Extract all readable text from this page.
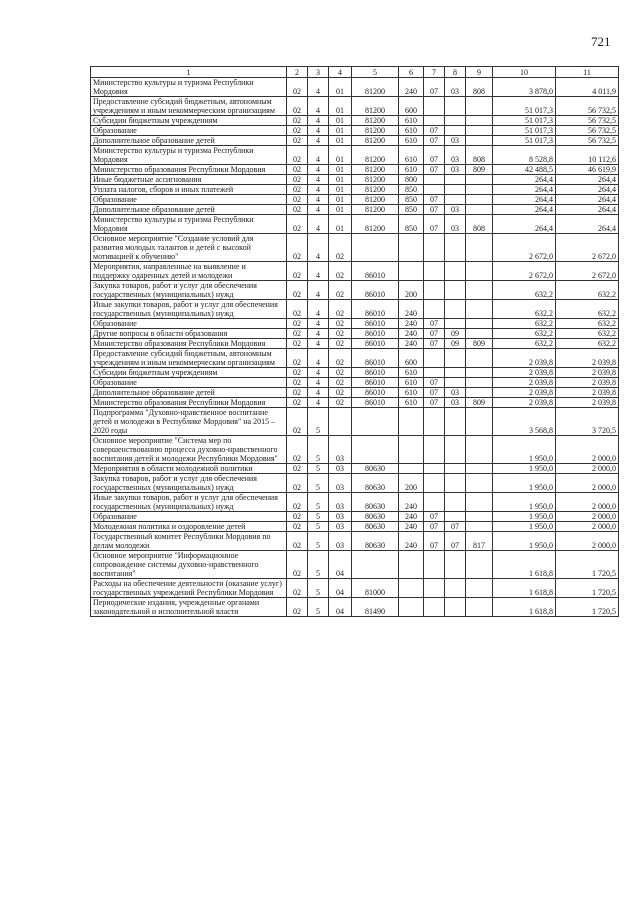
721
1	2	3	4	5	6	7	8	9	10	11
Министерство культуры и туризма Республики Мордовия	02	4	01	81200	240	07	03	808	3 878,0	4 011,9
Предоставление субсидий бюджетным, автономным учреждениям и иным некоммерческим организациям	02	4	01	81200	600				51 017,3	56 732,5
Субсидии бюджетным учреждениям	02	4	01	81200	610				51 017,3	56 732,5
Образование	02	4	01	81200	610	07			51 017,3	56 732,5
Дополнительное образование детей	02	4	01	81200	610	07	03		51 017,3	56 732,5
Министерство культуры и туризма Республики Мордовия	02	4	01	81200	610	07	03	808	8 528,8	10 112,6
Министерство образования Республики Мордовия	02	4	01	81200	610	07	03	809	42 488,5	46 619,9
Иные бюджетные ассигнования	02	4	01	81200	800				264,4	264,4
Уплата налогов, сборов и иных платежей	02	4	01	81200	850				264,4	264,4
Образование	02	4	01	81200	850	07			264,4	264,4
Дополнительное образование детей	02	4	01	81200	850	07	03		264,4	264,4
Министерство культуры и туризма Республики Мордовия	02	4	01	81200	850	07	03	808	264,4	264,4
Основное мероприятие "Создание условий для развития молодых талантов и детей с высокой мотивацией к обучению"	02	4	02						2 672,0	2 672,0
Мероприятия, направленные на выявление и поддержку одаренных детей и молодежи	02	4	02	86010					2 672,0	2 672,0
Закупка товаров, работ и услуг для обеспечения государственных (муниципальных) нужд	02	4	02	86010	200				632,2	632,2
Иные закупки товаров, работ и услуг для обеспечения государственных (муниципальных) нужд	02	4	02	86010	240				632,2	632,2
Образование	02	4	02	86010	240	07			632,2	632,2
Другие вопросы в области образования	02	4	02	86010	240	07	09		632,2	632,2
Министерство образования Республики Мордовия	02	4	02	86010	240	07	09	809	632,2	632,2
Предоставление субсидий бюджетным, автономным учреждениям и иным некоммерческим организациям	02	4	02	86010	600				2 039,8	2 039,8
Субсидии бюджетным учреждениям	02	4	02	86010	610				2 039,8	2 039,8
Образование	02	4	02	86010	610	07			2 039,8	2 039,8
Дополнительное образование детей	02	4	02	86010	610	07	03		2 039,8	2 039,8
Министерство образования Республики Мордовия	02	4	02	86010	610	07	03	809	2 039,8	2 039,8
Подпрограмма "Духовно-нравственное воспитание детей и молодежи в Республике Мордовия" на 2015 – 2020 годы	02	5							3 568,8	3 720,5
Основное мероприятие "Система мер по совершенствованию процесса духовно-нравственного воспитания детей и молодежи Республики Мордовия"	02	5	03						1 950,0	2 000,0
Мероприятия в области молодежной политики	02	5	03	80630					1 950,0	2 000,0
Закупка товаров, работ и услуг для обеспечения государственных (муниципальных) нужд	02	5	03	80630	200				1 950,0	2 000,0
Иные закупки товаров, работ и услуг для обеспечения государственных (муниципальных) нужд	02	5	03	80630	240				1 950,0	2 000,0
Образование	02	5	03	80630	240	07			1 950,0	2 000,0
Молодежная политика и оздоровление детей	02	5	03	80630	240	07	07		1 950,0	2 000,0
Государственный комитет Республики Мордовия по делам молодежи	02	5	03	80630	240	07	07	817	1 950,0	2 000,0
Основное мероприятие "Информационное сопровождение системы духовно-нравственного воспитания"	02	5	04						1 618,8	1 720,5
Расходы на обеспечение деятельности (оказание услуг) государственных учреждений Республики Мордовия	02	5	04	81000					1 618,8	1 720,5
Периодические издания, учрежденные органами законодательной и исполнительной власти	02	5	04	81490					1 618,8	1 720,5
